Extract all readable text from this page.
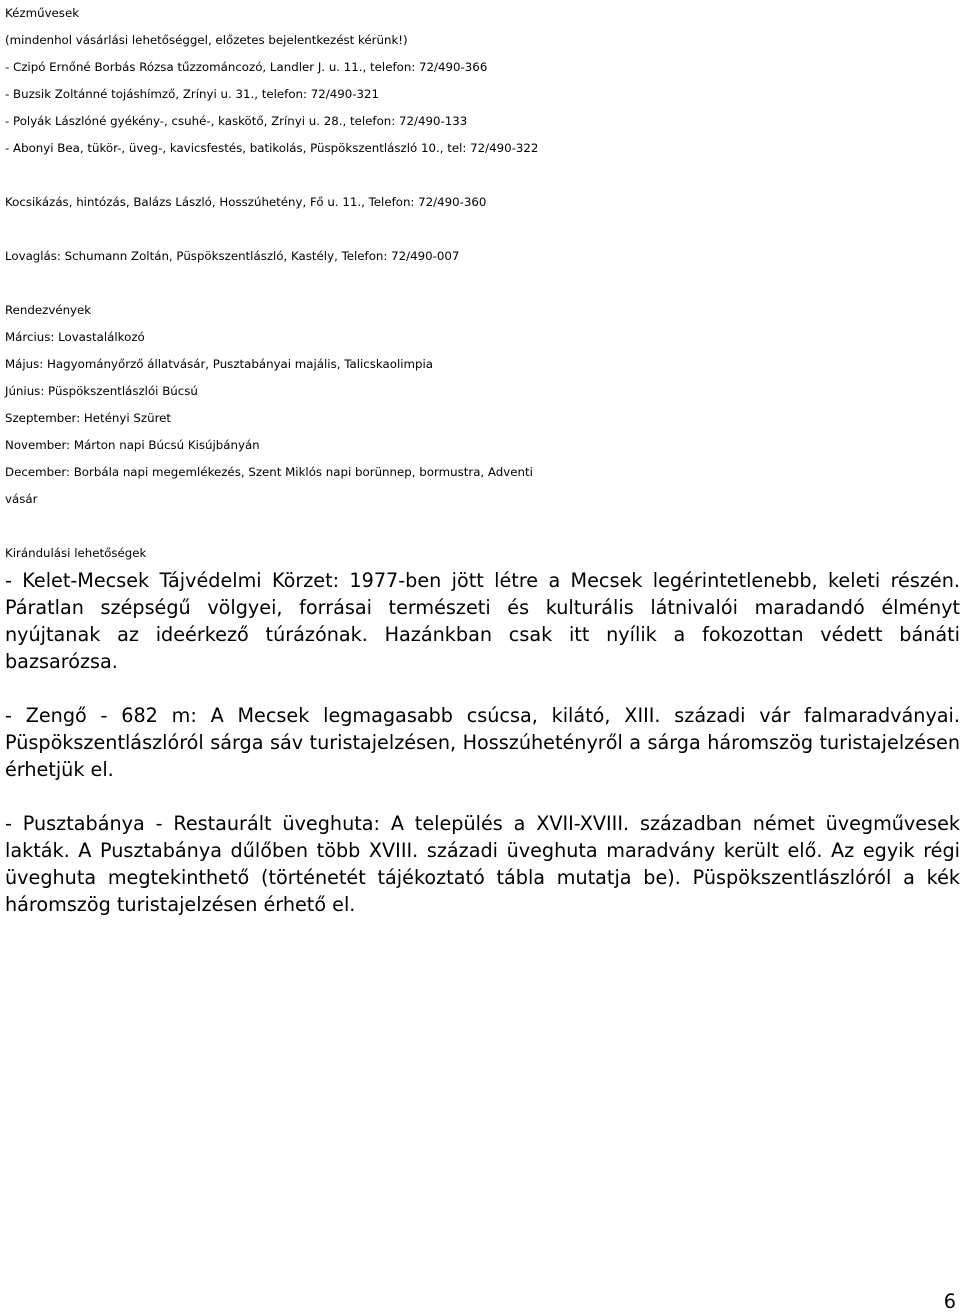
Kézművesek
(mindenhol vásárlási lehetőséggel, előzetes bejelentkezést kérünk!)
- Czipó Ernőné Borbás Rózsa tűzzománcozó, Landler J. u. 11., telefon: 72/490-366
- Buzsik Zoltánné tojáshímző, Zrínyi u. 31., telefon: 72/490-321
- Polyák Lászlóné gyékény-, csuhé-, kaskötő, Zrínyi u. 28., telefon: 72/490-133
- Abonyi Bea, tükör-, üveg-, kavicsfestés, batikolás, Püspökszentlászló 10., tel: 72/490-322
Kocsikázás, hintózás, Balázs László, Hosszúhetény, Fő u. 11., Telefon: 72/490-360
Lovaglás: Schumann Zoltán, Püspökszentlászló, Kastély, Telefon: 72/490-007
Rendezvények
Március: Lovastalálkozó
Május: Hagyományőrző állatvásár, Pusztabányai majális, Talicskaolimpia
Június: Püspökszentlászlói Búcsú
Szeptember: Hetényi Szüret
November: Márton napi Búcsú Kisújbányán
December: Borbála napi megemlékezés, Szent Miklós napi borünnep, bormustra, Adventi
vásár
Kirándulási lehetőségek
- Kelet-Mecsek Tájvédelmi Körzet: 1977-ben jött létre a Mecsek legérintetlenebb, keleti részén. Páratlan szépségű völgyei, forrásai természeti és kulturális látnivalói maradandó élményt nyújtanak az ideérkező túrázónak. Hazánkban csak itt nyílik a fokozottan védett bánáti bazsarózsa.
- Zengő - 682 m: A Mecsek legmagasabb csúcsa, kilátó, XIII. századi vár falmaradványai. Püspökszentlászlóról sárga sáv turistajelzésen, Hosszúhetényről a sárga háromszög turistajelzésen érhetjük el.
- Pusztabánya - Restaurált üveghuta: A település a XVII-XVIII. században német üvegművesek lakták. A Pusztabánya dűlőben több XVIII. századi üveghuta maradvány került elő. Az egyik régi üveghuta megtekinthető (történetét tájékoztató tábla mutatja be). Püspökszentlászlóról a kék háromszög turistajelzésen érhető el.
6
